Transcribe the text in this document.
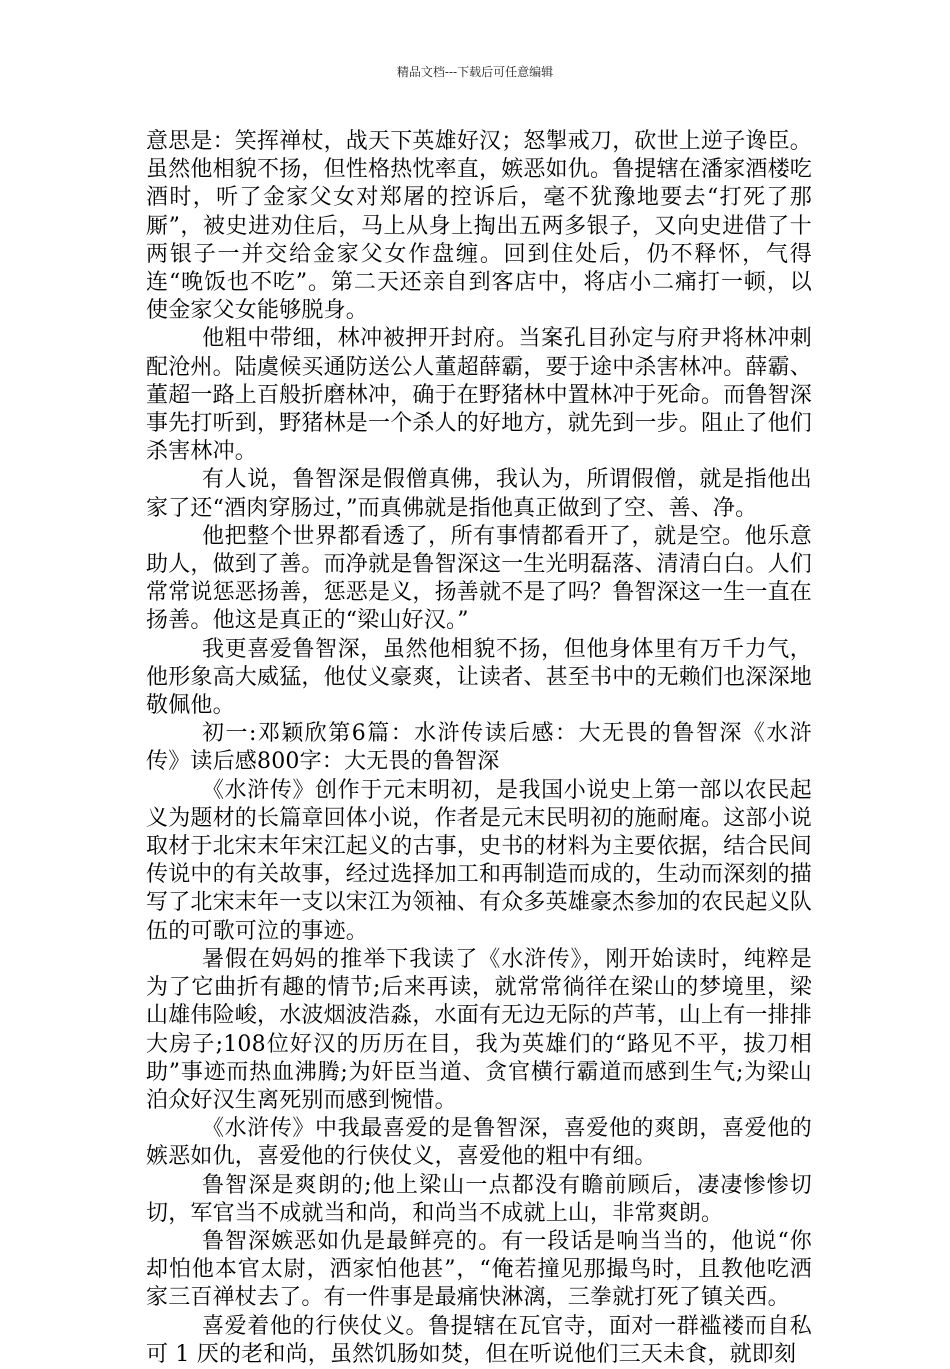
精品文档---下载后可任意编辑

意思是：笑挥禅杖，战天下英雄好汉；怒掣戒刀，砍世上逆子谗臣。虽然他相貌不扬，但性格热忱率直，嫉恶如仇。鲁提辖在潘家酒楼吃酒时，听了金家父女对郑屠的控诉后，毫不犹豫地要去“打死了那厮”，被史进劝住后，马上从身上掏出五两多银子，又向史进借了十两银子一并交给金家父女作盘缠。回到住处后，仍不释怀，气得连“晚饭也不吃”。第二天还亲自到客店中，将店小二痛打一顿，以使金家父女能够脱身。

他粗中带细，林冲被押开封府。当案孔目孙定与府尹将林冲刺配沧州。陆虞候买通防送公人董超薛霸，要于途中杀害林冲。薛霸、董超一路上百般折磨林冲，确于在野猪林中置林冲于死命。而鲁智深事先打听到，野猪林是一个杀人的好地方，就先到一步。阻止了他们杀害林冲。

有人说，鲁智深是假僧真佛，我认为，所谓假僧，就是指他出家了还“酒肉穿肠过，”而真佛就是指他真正做到了空、善、净。

他把整个世界都看透了，所有事情都看开了，就是空。他乐意助人，做到了善。而净就是鲁智深这一生光明磊落、清清白白。人们常常说惩恶扬善，惩恶是义，扬善就不是了吗？鲁智深这一生一直在扬善。他这是真正的“梁山好汉。”

我更喜爱鲁智深，虽然他相貌不扬，但他身体里有万千力气，他形象高大威猛，他仗义豪爽，让读者、甚至书中的无赖们也深深地敬佩他。

初一:邓颖欣第6篇：水浒传读后感：大无畏的鲁智深《水浒传》读后感800字：大无畏的鲁智深

《水浒传》创作于元末明初，是我国小说史上第一部以农民起义为题材的长篇章回体小说，作者是元末民明初的施耐庵。这部小说取材于北宋末年宋江起义的古事，史书的材料为主要依据，结合民间传说中的有关故事，经过选择加工和再制造而成的，生动而深刻的描写了北宋末年一支以宋江为领袖、有众多英雄豪杰参加的农民起义队伍的可歌可泣的事迹。

暑假在妈妈的推举下我读了《水浒传》，刚开始读时，纯粹是为了它曲折有趣的情节;后来再读，就常常徜徉在梁山的梦境里，梁山雄伟险峻，水波烟波浩淼，水面有无边无际的芦苇，山上有一排排大房子;108位好汉的历历在目，我为英雄们的“路见不平，拔刀相助”事迹而热血沸腾;为奸臣当道、贪官横行霸道而感到生气;为梁山泊众好汉生离死别而感到惋惜。

《水浒传》中我最喜爱的是鲁智深，喜爱他的爽朗，喜爱他的嫉恶如仇，喜爱他的行侠仗义，喜爱他的粗中有细。

鲁智深是爽朗的;他上梁山一点都没有瞻前顾后，凄凄惨惨切切，军官当不成就当和尚，和尚当不成就上山，非常爽朗。

鲁智深嫉恶如仇是最鲜亮的。有一段话是响当当的，他说“你却怕他本官太尉，洒家怕他甚”，“俺若撞见那撮鸟时，且教他吃洒家三百禅杖去了。有一件事是最痛快淋漓，三拳就打死了镇关西。

喜爱着他的行侠仗义。鲁提辖在瓦官寺，面对一群褴褛而自私可 1 厌的老和尚，虽然饥肠如焚，但在听说他们三天未食，就即刻
